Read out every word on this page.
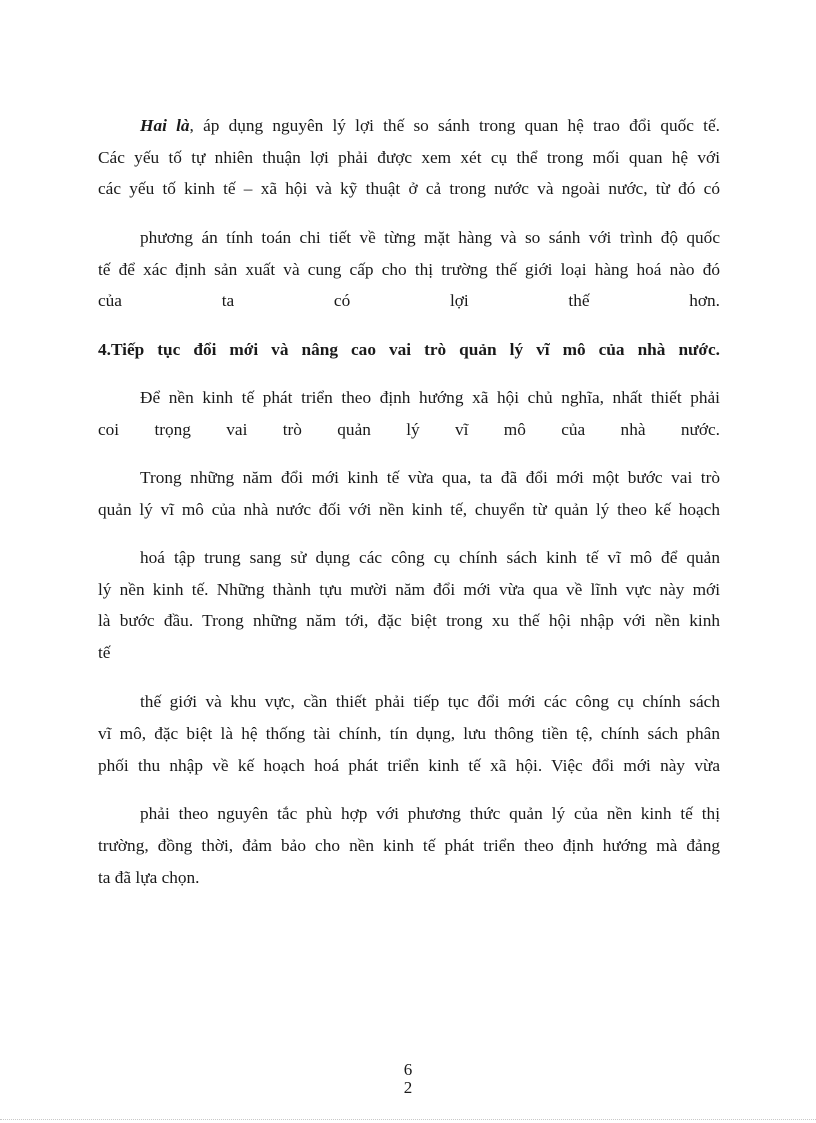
Hai là, áp dụng nguyên lý lợi thế so sánh trong quan hệ trao đổi quốc tế.
Các yếu tố tự nhiên thuận lợi phải được xem xét cụ thể trong mối quan hệ với
các yếu tố kinh tế – xã hội và kỹ thuật ở cả trong nước và ngoài nước, từ đó có
phương án tính toán chi tiết về từng mặt hàng và so sánh với trình độ quốc
tế để xác định sản xuất và cung cấp cho thị trường thế giới loại hàng hoá nào đó
của ta có lợi thế hơn.
4.Tiếp tục đổi mới và nâng cao vai trò quản lý vĩ mô của nhà nước.
Để nền kinh tế phát triển theo định hướng xã hội chủ nghĩa, nhất thiết phải
coi trọng vai trò quản lý vĩ mô của nhà nước.
Trong những năm đổi mới kinh tế vừa qua, ta đã đổi mới một bước vai trò
quản lý vĩ mô của nhà nước đối với nền kinh tế, chuyển từ quản lý theo kế hoạch
hoá tập trung sang sử dụng các công cụ chính sách kinh tế vĩ mô để quản
lý nền kinh tế. Những thành tựu mười năm đổi mới vừa qua về lĩnh vực này mới
là bước đầu. Trong những năm tới, đặc biệt trong xu thế hội nhập với nền kinh
tế
thế giới và khu vực, cần thiết phải tiếp tục đổi mới các công cụ chính sách
vĩ mô, đặc biệt là hệ thống tài chính, tín dụng, lưu thông tiền tệ, chính sách phân
phối thu nhập về kế hoạch hoá phát triển kinh tế xã hội. Việc đổi mới này vừa
phải theo nguyên tắc phù hợp với phương thức quản lý của nền kinh tế thị
trường, đồng thời, đảm bảo cho nền kinh tế phát triển theo định hướng mà đảng
ta đã lựa chọn.
6
2
